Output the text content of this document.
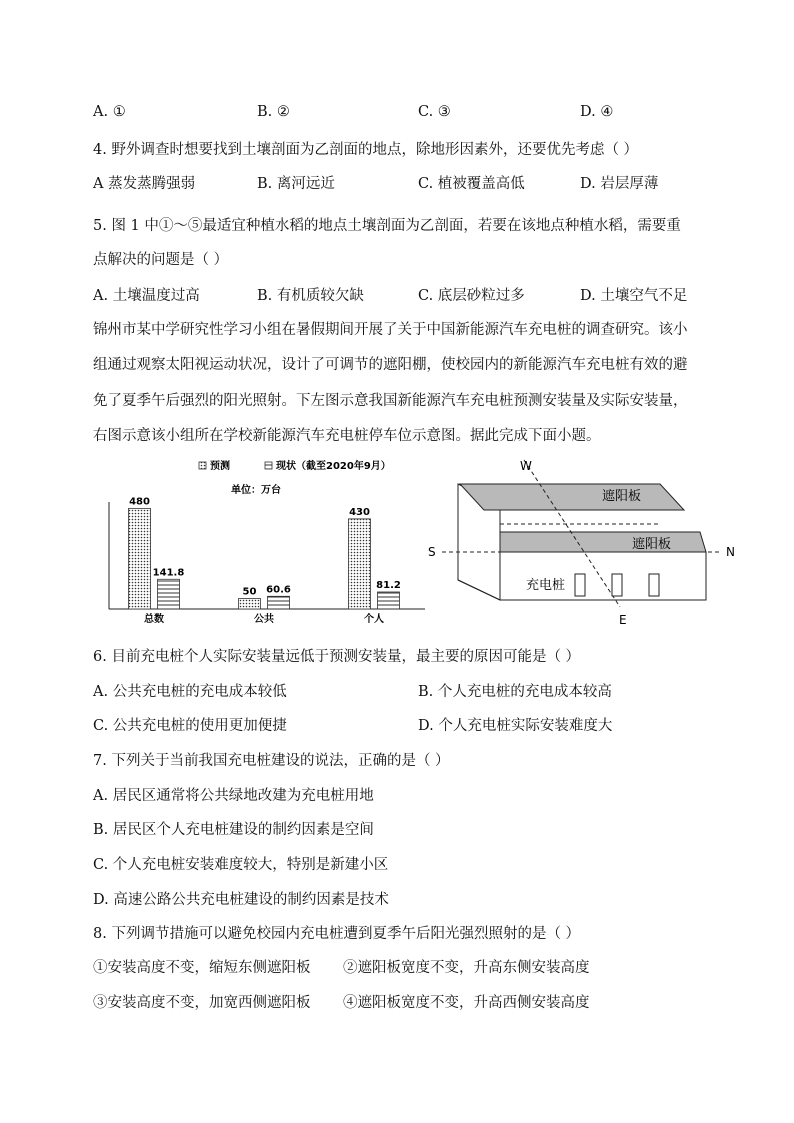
A. ①	B. ②	C. ③	D. ④
4. 野外调查时想要找到土壤剖面为乙剖面的地点，除地形因素外，还要优先考虑（ ）
A 蒸发蒸腾强弱	B. 离河远近	C. 植被覆盖高低	D. 岩层厚薄
5. 图 1 中①～⑤最适宜种植水稻的地点土壤剖面为乙剖面，若要在该地点种植水稻，需要重
点解决的问题是（ ）
A. 土壤温度过高	B. 有机质较欠缺	C. 底层砂粒过多	D. 土壤空气不足
锦州市某中学研究性学习小组在暑假期间开展了关于中国新能源汽车充电桩的调查研究。该小
组通过观察太阳视运动状况，设计了可调节的遮阳棚，使校园内的新能源汽车充电桩有效的避
免了夏季午后强烈的阳光照射。下左图示意我国新能源汽车充电桩预测安装量及实际安装量，
右图示意该小组所在学校新能源汽车充电桩停车位示意图。据此完成下面小题。
预测	现状（截至2020年9月）
单位：万台
480
141.8
总数
50 60.6
公共
430
81.2
个人
W
S	N
E
遮阳板
遮阳板
充电桩
6. 目前充电桩个人实际安装量远低于预测安装量，最主要的原因可能是（ ）
A. 公共充电桩的充电成本较低	B. 个人充电桩的充电成本较高
C. 公共充电桩的使用更加便捷	D. 个人充电桩实际安装难度大
7. 下列关于当前我国充电桩建设的说法，正确的是（ ）
A. 居民区通常将公共绿地改建为充电桩用地
B. 居民区个人充电桩建设的制约因素是空间
C. 个人充电桩安装难度较大，特别是新建小区
D. 高速公路公共充电桩建设的制约因素是技术
8. 下列调节措施可以避免校园内充电桩遭到夏季午后阳光强烈照射的是（ ）
①安装高度不变，缩短东侧遮阳板 ②遮阳板宽度不变，升高东侧安装高度
③安装高度不变，加宽西侧遮阳板 ④遮阳板宽度不变，升高西侧安装高度
